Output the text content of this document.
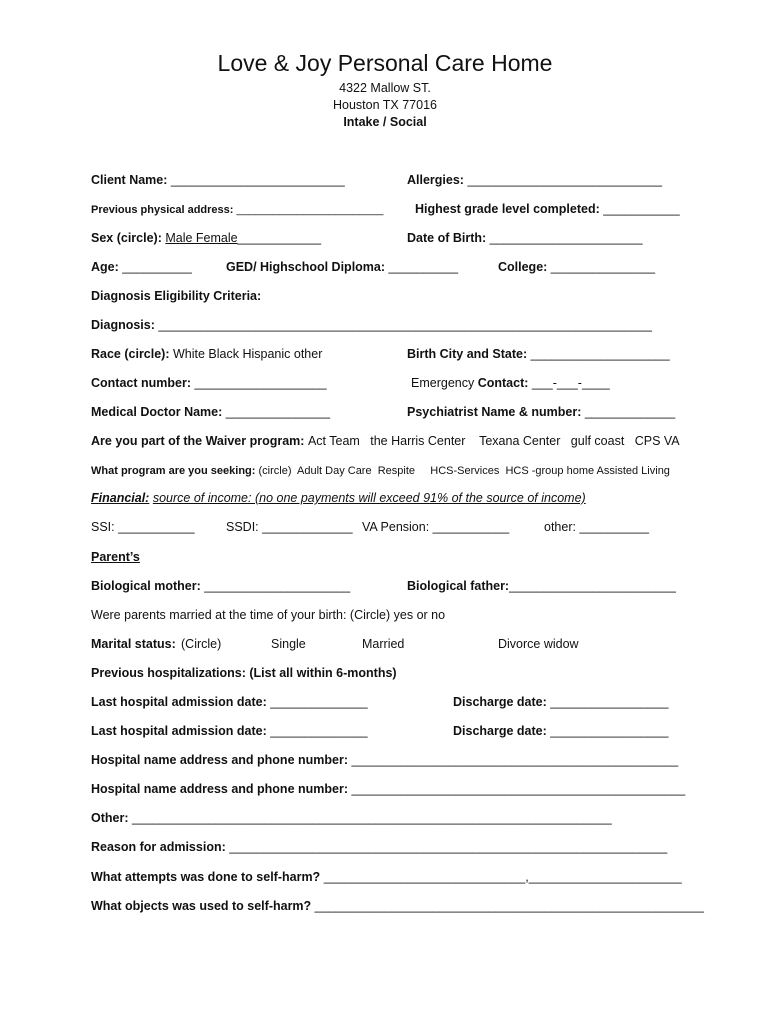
Love & Joy Personal Care Home
4322 Mallow ST.
Houston TX 77016
Intake / Social
Client Name: _________________________	Allergies: ____________________________
Previous physical address: ________________________	Highest grade level completed: ___________
Sex (circle): Male Female____________	Date of Birth: ______________________
Age: __________	GED/ Highschool Diploma: __________	College: _______________
Diagnosis Eligibility Criteria:
Diagnosis: _______________________________________________________________________
Race (circle): White Black Hispanic other	Birth City and State: ____________________
Contact number: ___________________	Emergency Contact: ___-___-____
Medical Doctor Name: _______________	Psychiatrist Name & number: _____________
Are you part of the Waiver program: Act Team   the Harris Center    Texana Center   gulf coast   CPS VA
What program are you seeking: (circle)  Adult Day Care  Respite     HCS-Services  HCS -group home Assisted Living
Financial: source of income: (no one payments will exceed 91% of the source of income)
SSI: ___________	SSDI: _____________ VA Pension: ___________	other: __________
Parent’s
Biological mother: _____________________	Biological father:________________________
Were parents married at the time of your birth: (Circle) yes or no
Marital status: (Circle)	Single	Married	Divorce widow
Previous hospitalizations: (List all within 6-months)
Last hospital admission date: ______________	Discharge date: _________________
Last hospital admission date: ______________	Discharge date: _________________
Hospital name address and phone number: _______________________________________________
Hospital name address and phone number: ________________________________________________
Other: _____________________________________________________________________
Reason for admission: _______________________________________________________________
What attempts was done to self-harm? _____________________________,______________________
What objects was used to self-harm? ________________________________________________________
